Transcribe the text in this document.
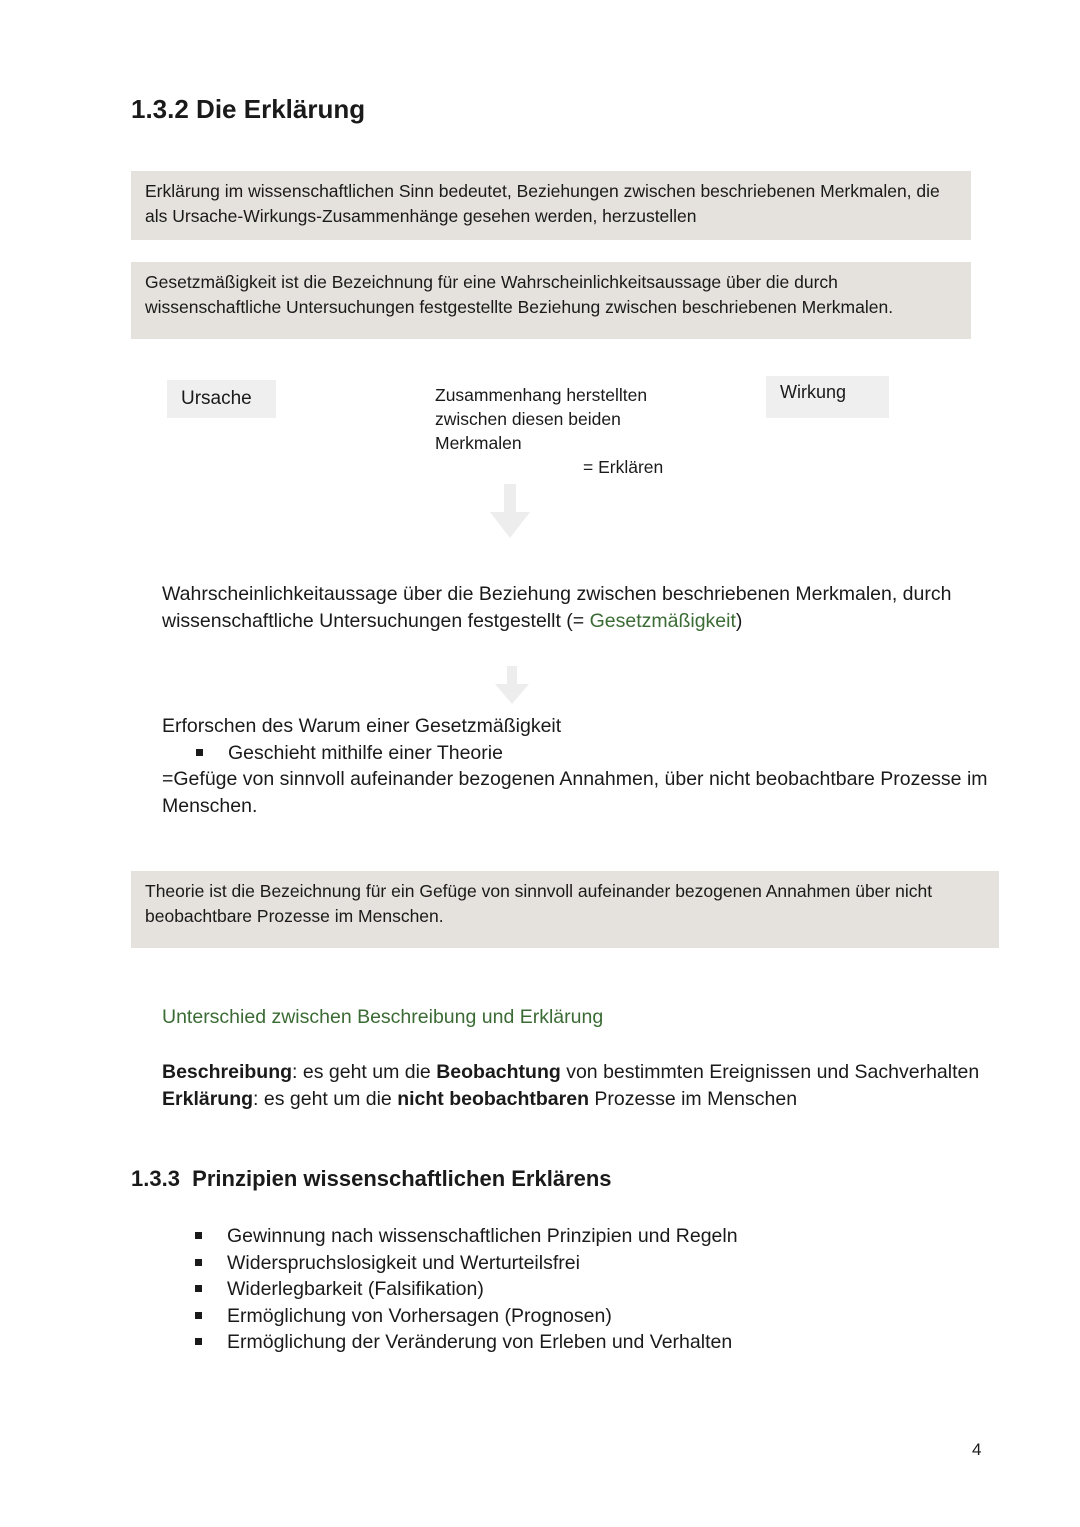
1.3.2 Die Erklärung
Erklärung im wissenschaftlichen Sinn bedeutet, Beziehungen zwischen beschriebenen Merkmalen, die als Ursache-Wirkungs-Zusammenhänge gesehen werden, herzustellen
Gesetzmäßigkeit ist die Bezeichnung für eine Wahrscheinlichkeitsaussage über die durch wissenschaftliche Untersuchungen festgestellte Beziehung zwischen beschriebenen Merkmalen.
Ursache	Zusammenhang herstellten zwischen diesen beiden Merkmalen
= Erklären
Wirkung
Wahrscheinlichkeitaussage über die Beziehung zwischen beschriebenen Merkmalen, durch wissenschaftliche Untersuchungen festgestellt (= Gesetzmäßigkeit)
Erforschen des Warum einer Gesetzmäßigkeit
Geschieht mithilfe einer Theorie
=Gefüge von sinnvoll aufeinander bezogenen Annahmen, über nicht beobachtbare Prozesse im Menschen.
Theorie ist die Bezeichnung für ein Gefüge von sinnvoll aufeinander bezogenen Annahmen über nicht beobachtbare Prozesse im Menschen.
Unterschied zwischen Beschreibung und Erklärung
Beschreibung: es geht um die Beobachtung von bestimmten Ereignissen und Sachverhalten
Erklärung: es geht um die nicht beobachtbaren Prozesse im Menschen
1.3.3 Prinzipien wissenschaftlichen Erklärens
Gewinnung nach wissenschaftlichen Prinzipien und Regeln
Widerspruchslosigkeit und Werturteilsfrei
Widerlegbarkeit (Falsifikation)
Ermöglichung von Vorhersagen (Prognosen)
Ermöglichung der Veränderung von Erleben und Verhalten
4
